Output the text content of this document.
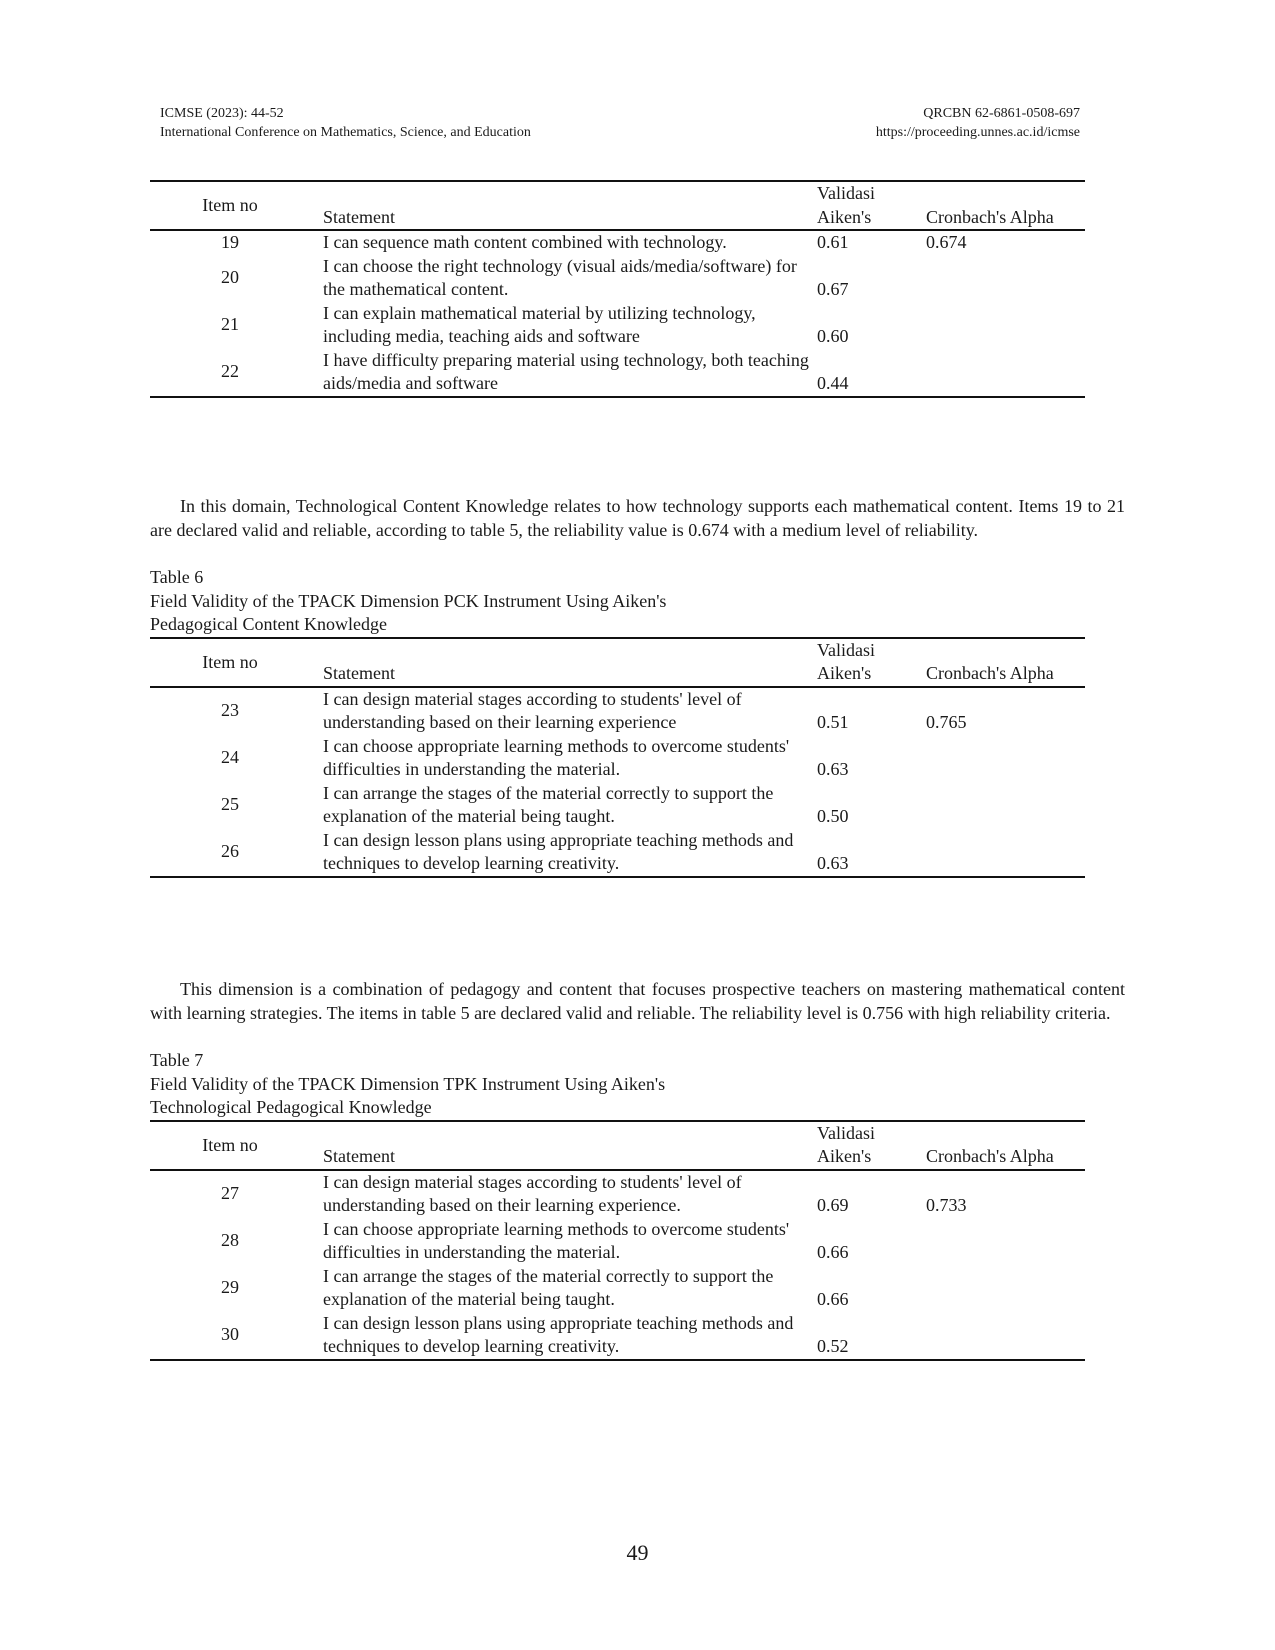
ICMSE (2023): 44-52
International Conference on Mathematics, Science, and Education
QRCBN 62-6861-0508-697
https://proceeding.unnes.ac.id/icmse
Item no	Statement	Validasi
Aiken's	Cronbach's Alpha
19	I can sequence math content combined with technology.	0.61	0.674
20	I can choose the right technology (visual aids/media/software) for the mathematical content.	0.67	
21	I can explain mathematical material by utilizing technology, including media, teaching aids and software	0.60	
22	I have difficulty preparing material using technology, both teaching aids/media and software	0.44	

In this domain, Technological Content Knowledge relates to how technology supports each mathematical content. Items 19 to 21 are declared valid and reliable, according to table 5, the reliability value is 0.674 with a medium level of reliability.

Table 6
Field Validity of the TPACK Dimension PCK Instrument Using Aiken's
Pedagogical Content Knowledge
Item no	Statement	Validasi
Aiken's	Cronbach's Alpha
23	I can design material stages according to students' level of understanding based on their learning experience	0.51	0.765
24	I can choose appropriate learning methods to overcome students' difficulties in understanding the material.	0.63	
25	I can arrange the stages of the material correctly to support the explanation of the material being taught.	0.50	
26	I can design lesson plans using appropriate teaching methods and techniques to develop learning creativity.	0.63	

This dimension is a combination of pedagogy and content that focuses prospective teachers on mastering mathematical content with learning strategies. The items in table 5 are declared valid and reliable. The reliability level is 0.756 with high reliability criteria.

Table 7
Field Validity of the TPACK Dimension TPK Instrument Using Aiken's
Technological Pedagogical Knowledge
Item no	Statement	Validasi
Aiken's	Cronbach's Alpha
27	I can design material stages according to students' level of understanding based on their learning experience.	0.69	0.733
28	I can choose appropriate learning methods to overcome students' difficulties in understanding the material.	0.66	
29	I can arrange the stages of the material correctly to support the explanation of the material being taught.	0.66	
30	I can design lesson plans using appropriate teaching methods and techniques to develop learning creativity.	0.52	
49
